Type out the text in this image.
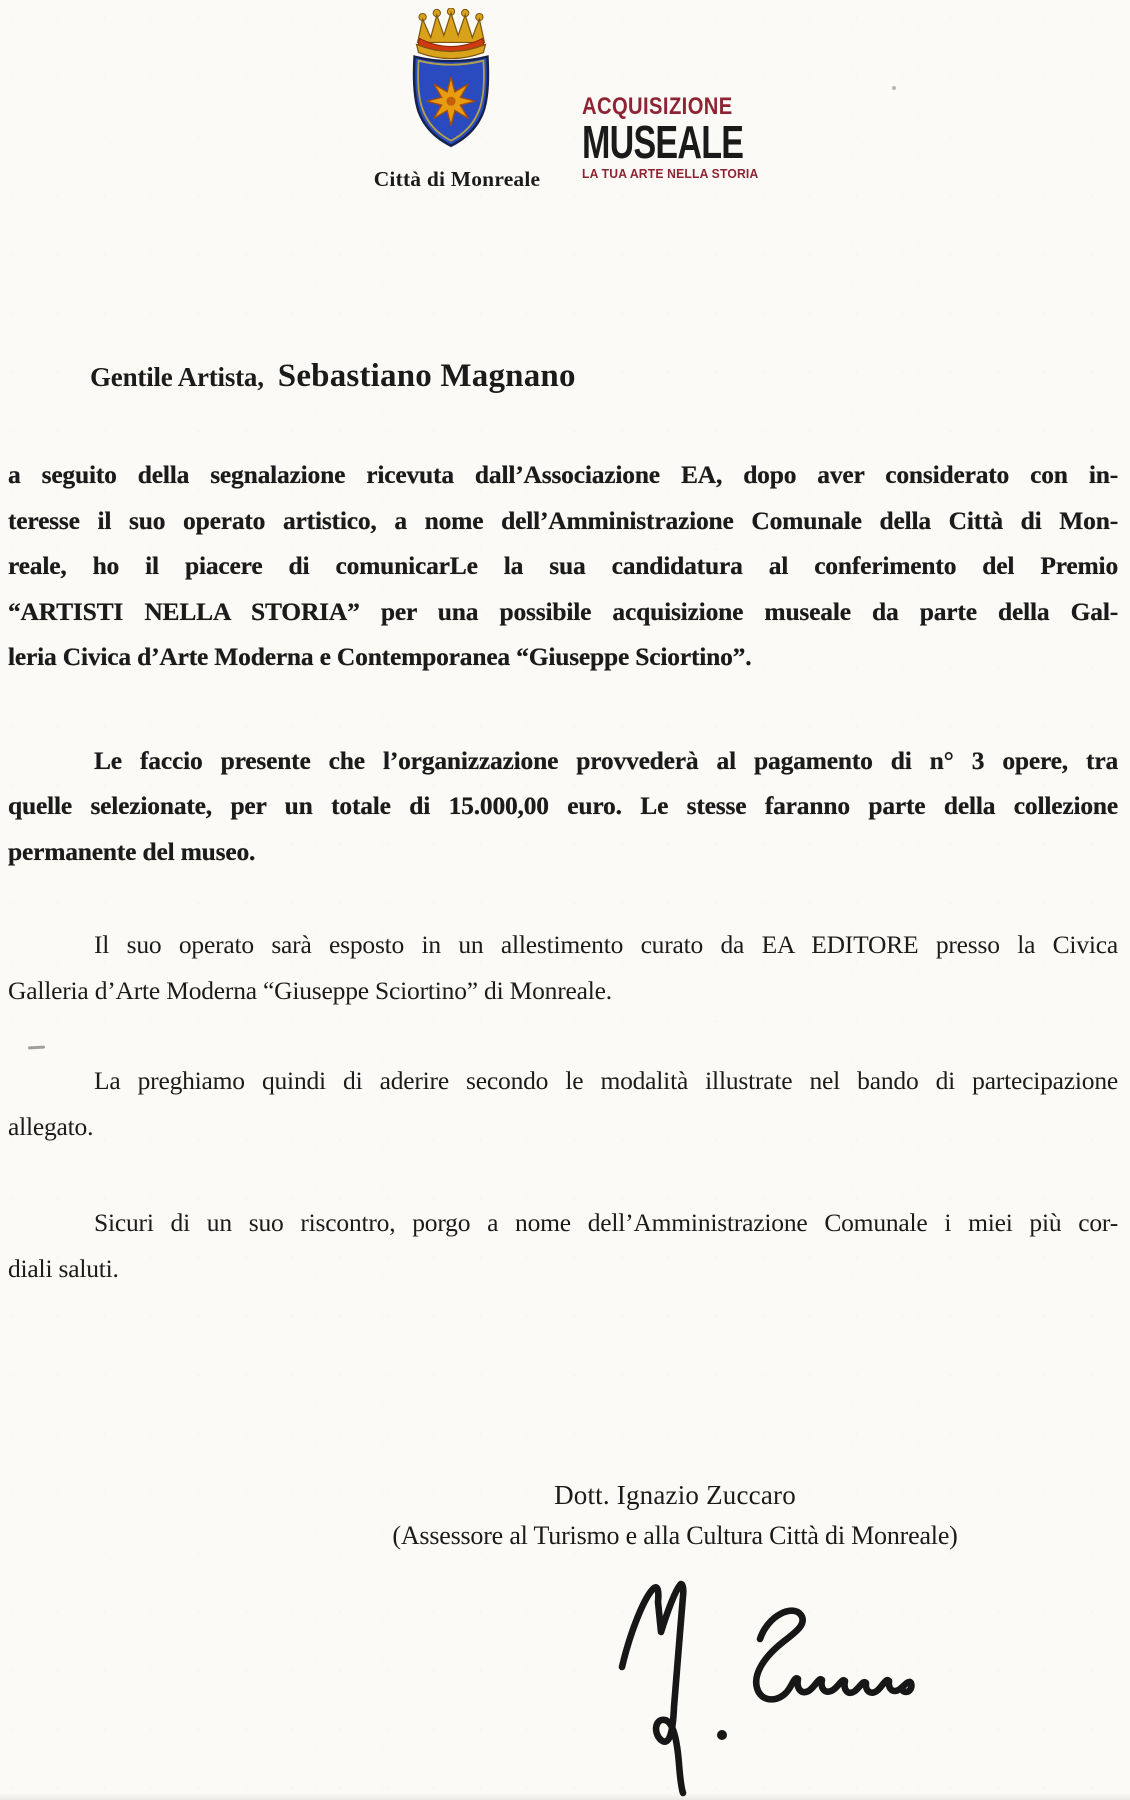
Città di Monreale
ACQUISIZIONE
MUSEALE
LA TUA ARTE NELLA STORIA
Gentile Artista, Sebastiano Magnano
a seguito della segnalazione ricevuta dall’Associazione EA, dopo aver considerato con in-
teresse il suo operato artistico, a nome dell’Amministrazione Comunale della Città di Mon-
reale, ho il piacere di comunicarLe la sua candidatura al conferimento del Premio
“ARTISTI NELLA STORIA” per una possibile acquisizione museale da parte della Gal-
leria Civica d’Arte Moderna e Contemporanea “Giuseppe Sciortino”.
Le faccio presente che l’organizzazione provvederà al pagamento di n° 3 opere, tra
quelle selezionate, per un totale di 15.000,00 euro. Le stesse faranno parte della collezione
permanente del museo.
Il suo operato sarà esposto in un allestimento curato da EA EDITORE presso la Civica
Galleria d’Arte Moderna “Giuseppe Sciortino” di Monreale.
La preghiamo quindi di aderire secondo le modalità illustrate nel bando di partecipazione
allegato.
Sicuri di un suo riscontro, porgo a nome dell’Amministrazione Comunale i miei più cor-
diali saluti.
Dott. Ignazio Zuccaro
(Assessore al Turismo e alla Cultura Città di Monreale)
